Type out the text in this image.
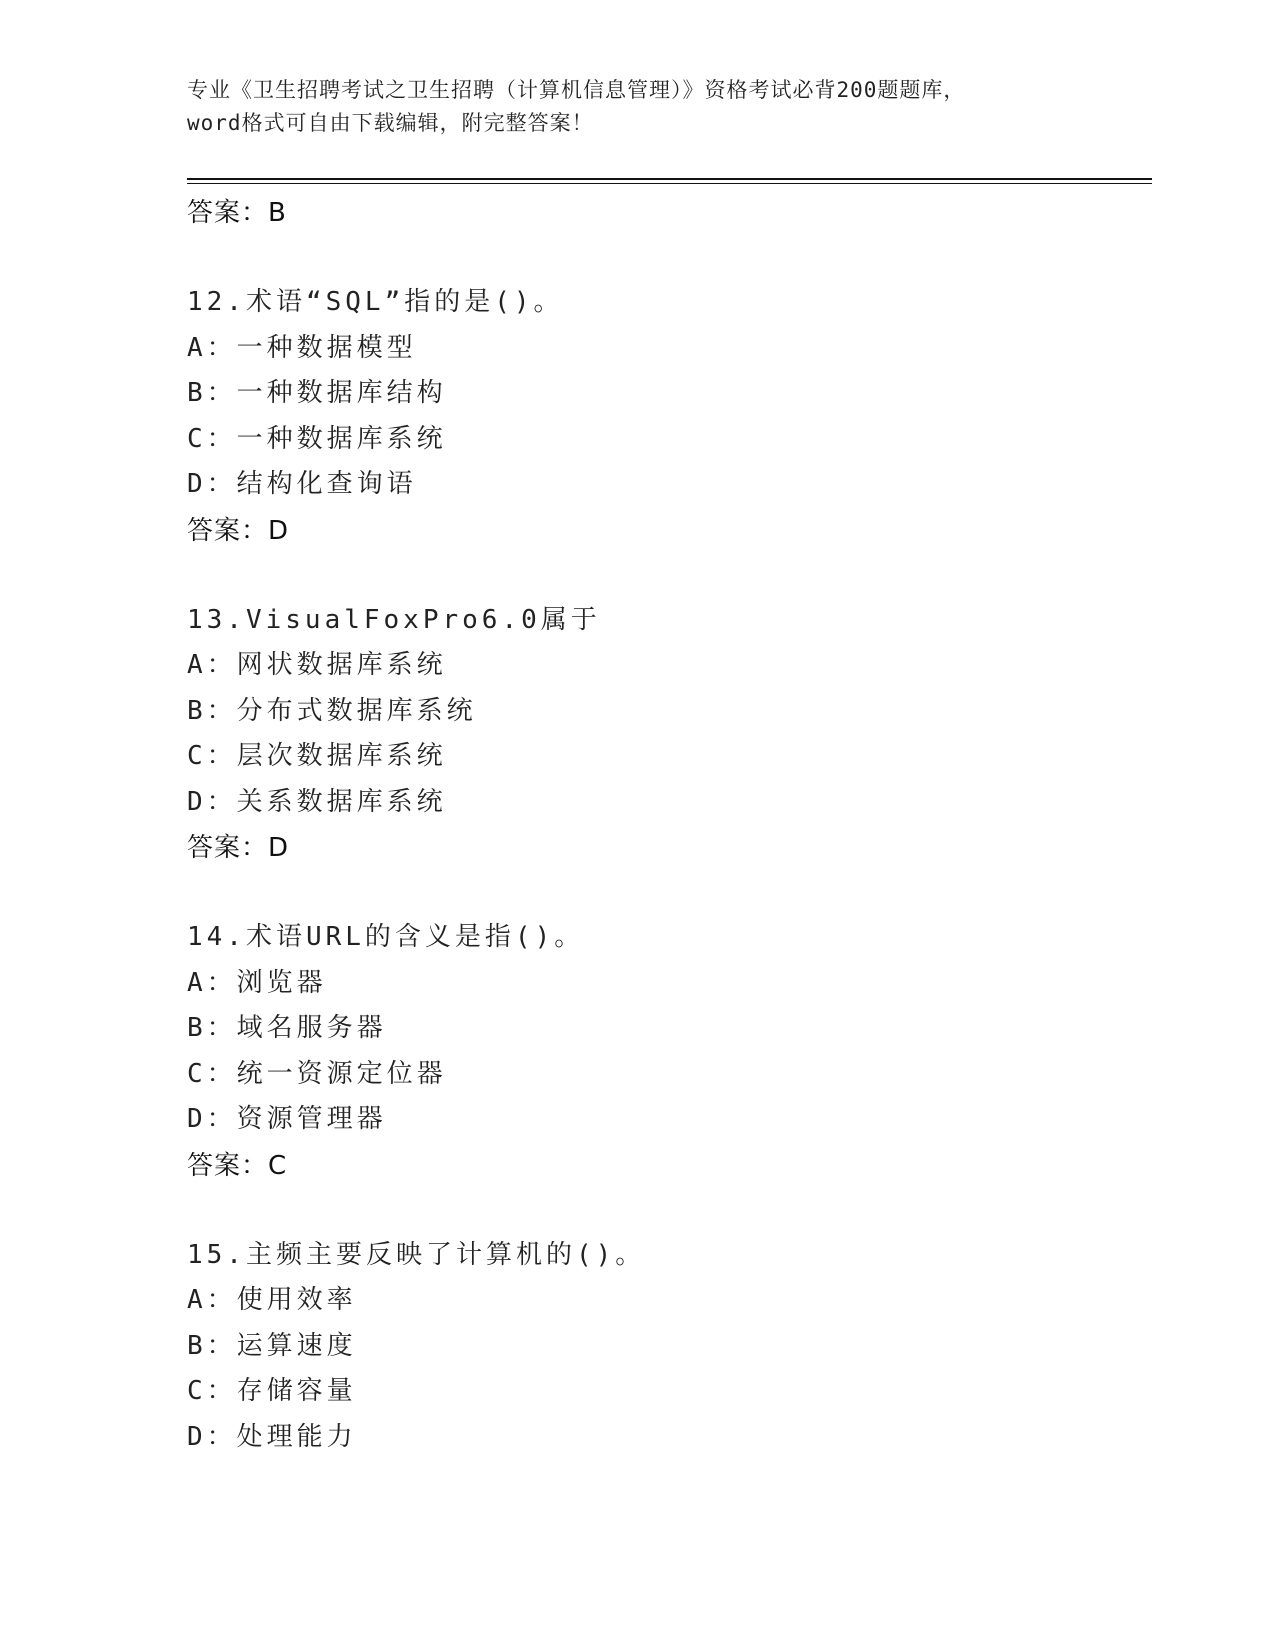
专业《卫生招聘考试之卫生招聘（计算机信息管理）》资格考试必背200题题库，
word格式可自由下载编辑，附完整答案！
答案：B
12.术语“SQL”指的是()。
A：一种数据模型
B：一种数据库结构
C：一种数据库系统
D：结构化查询语
答案：D
13.VisualFoxPro6.0属于
A：网状数据库系统
B：分布式数据库系统
C：层次数据库系统
D：关系数据库系统
答案：D
14.术语URL的含义是指()。
A：浏览器
B：域名服务器
C：统一资源定位器
D：资源管理器
答案：C
15.主频主要反映了计算机的()。
A：使用效率
B：运算速度
C：存储容量
D：处理能力
